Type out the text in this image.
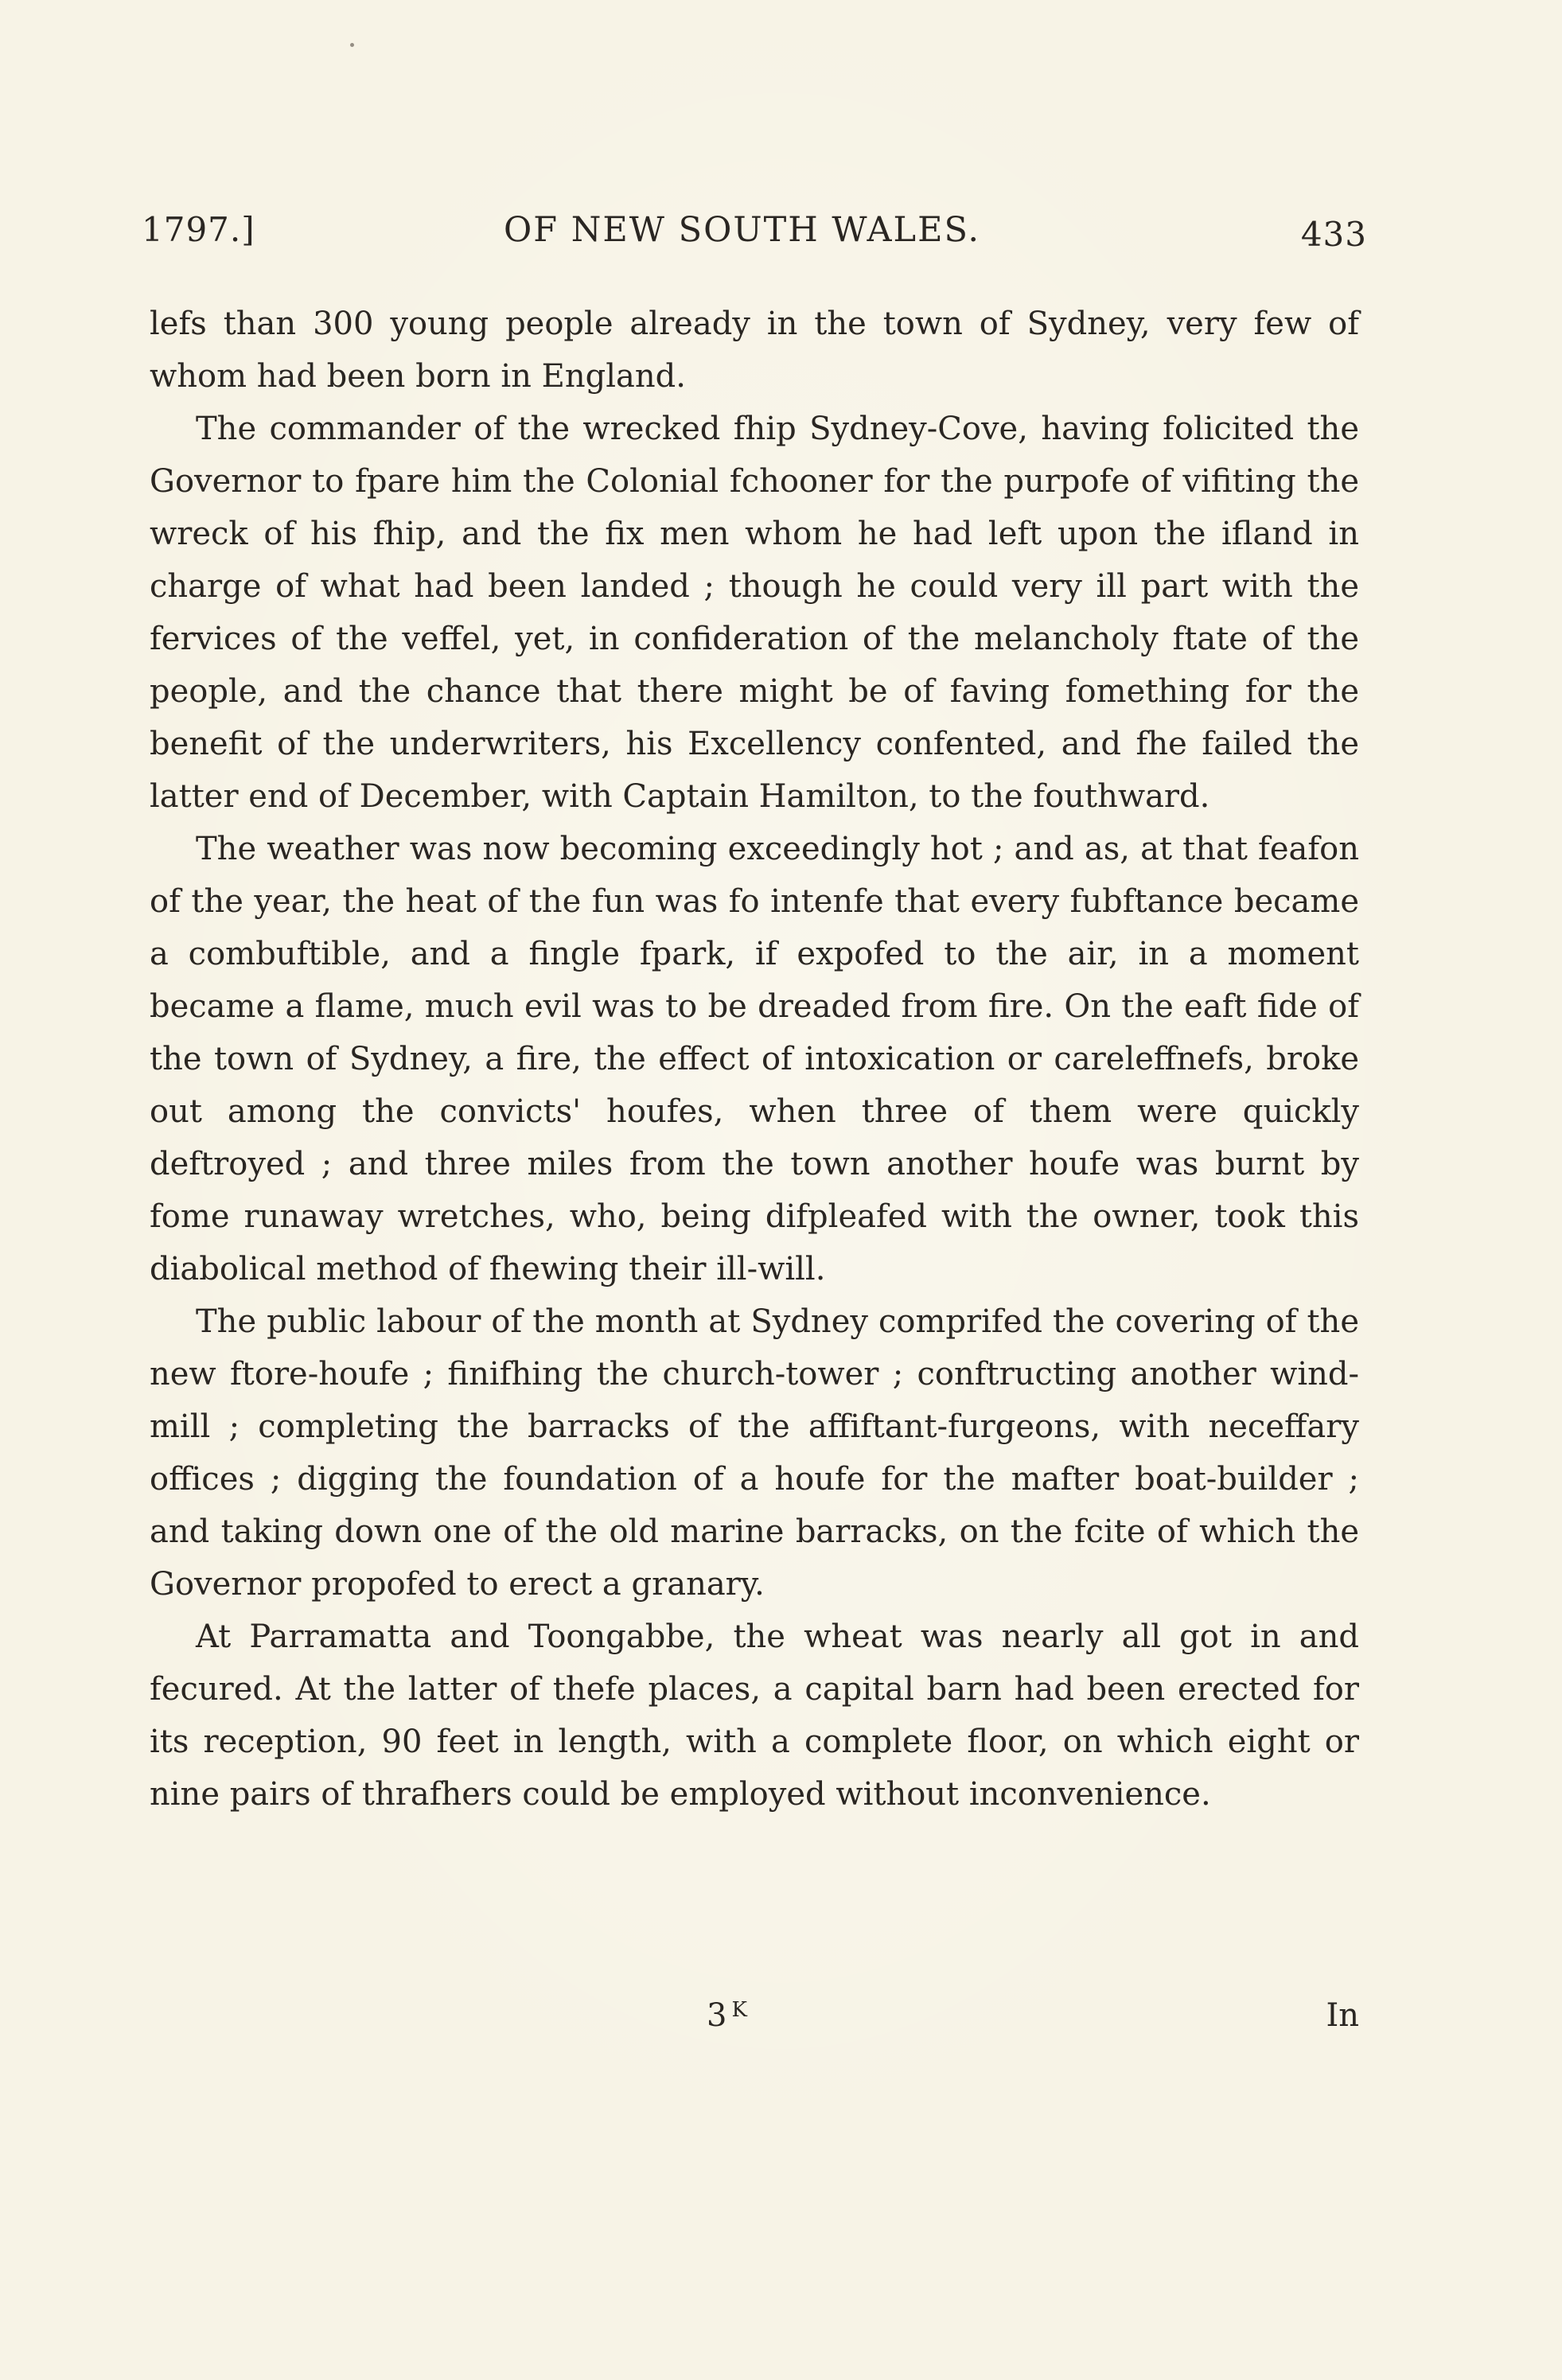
1797.]	OF NEW SOUTH WALES.	433

lefs than 300 young people already in the town of Sydney, very few of whom had been born in England.

The commander of the wrecked fhip Sydney-Cove, having folicited the Governor to fpare him the Colonial fchooner for the purpofe of vifiting the wreck of his fhip, and the fix men whom he had left upon the ifland in charge of what had been landed ; though he could very ill part with the fervices of the veffel, yet, in confideration of the melancholy ftate of the people, and the chance that there might be of faving fomething for the benefit of the underwriters, his Excellency confented, and fhe failed the latter end of December, with Captain Hamilton, to the fouthward.

The weather was now becoming exceedingly hot ; and as, at that feafon of the year, the heat of the fun was fo intenfe that every fubftance became a combuftible, and a fingle fpark, if expofed to the air, in a moment became a flame, much evil was to be dreaded from fire. On the eaft fide of the town of Sydney, a fire, the effect of intoxication or careleffnefs, broke out among the convicts' houfes, when three of them were quickly deftroyed ; and three miles from the town another houfe was burnt by fome runaway wretches, who, being difpleafed with the owner, took this diabolical method of fhewing their ill-will.

The public labour of the month at Sydney comprifed the covering of the new ftore-houfe ; finifhing the church-tower ; conftructing another wind-mill ; completing the barracks of the affiftant-furgeons, with neceffary offices ; digging the foundation of a houfe for the mafter boat-builder ; and taking down one of the old marine barracks, on the fcite of which the Governor propofed to erect a granary.

At Parramatta and Toongabbe, the wheat was nearly all got in and fecured. At the latter of thefe places, a capital barn had been erected for its reception, 90 feet in length, with a complete floor, on which eight or nine pairs of thrafhers could be employed without inconvenience.

3 $^K$	In
